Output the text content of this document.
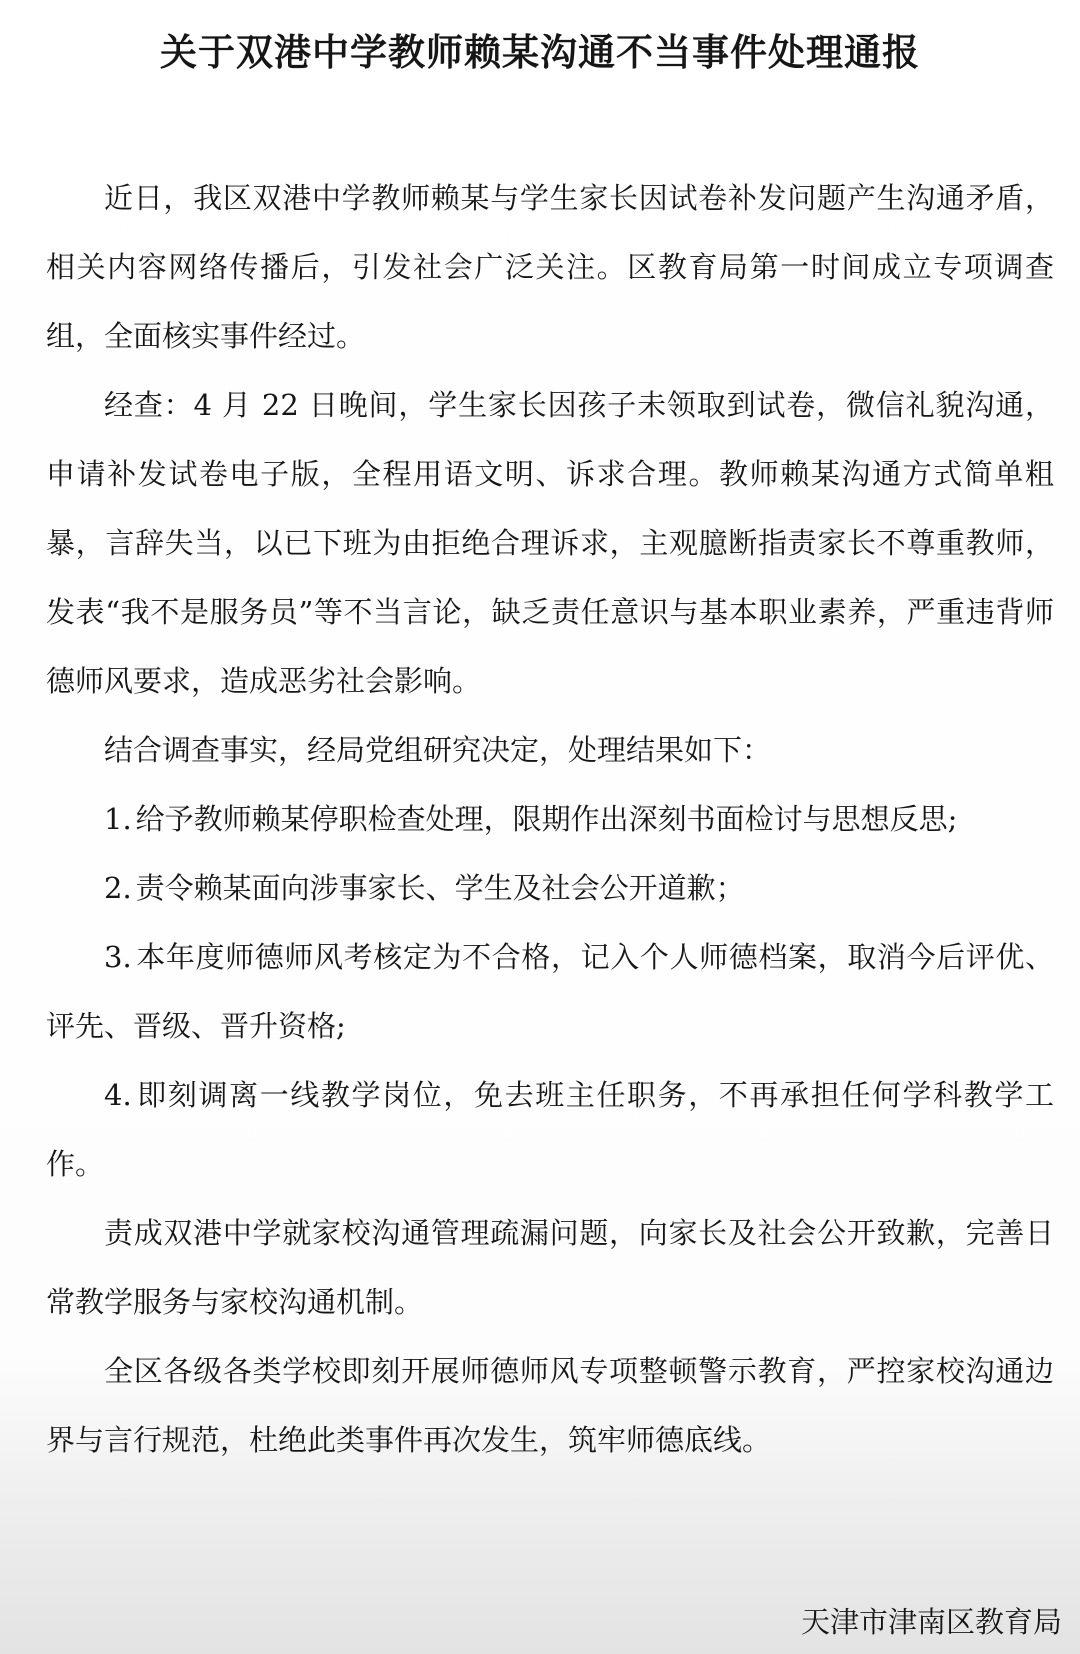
关于双港中学教师赖某沟通不当事件处理通报

近日，我区双港中学教师赖某与学生家长因试卷补发问题产生沟通矛盾，相关内容网络传播后，引发社会广泛关注。区教育局第一时间成立专项调查组，全面核实事件经过。

经查：4 月 22 日晚间，学生家长因孩子未领取到试卷，微信礼貌沟通，申请补发试卷电子版，全程用语文明、诉求合理。教师赖某沟通方式简单粗暴，言辞失当，以已下班为由拒绝合理诉求，主观臆断指责家长不尊重教师，发表“我不是服务员”等不当言论，缺乏责任意识与基本职业素养，严重违背师德师风要求，造成恶劣社会影响。

结合调查事实，经局党组研究决定，处理结果如下：

1. 给予教师赖某停职检查处理，限期作出深刻书面检讨与思想反思;

2. 责令赖某面向涉事家长、学生及社会公开道歉；

3. 本年度师德师风考核定为不合格，记入个人师德档案，取消今后评优、评先、晋级、晋升资格;

4. 即刻调离一线教学岗位，免去班主任职务，不再承担任何学科教学工作。

责成双港中学就家校沟通管理疏漏问题，向家长及社会公开致歉，完善日常教学服务与家校沟通机制。

全区各级各类学校即刻开展师德师风专项整顿警示教育，严控家校沟通边界与言行规范，杜绝此类事件再次发生，筑牢师德底线。

天津市津南区教育局
